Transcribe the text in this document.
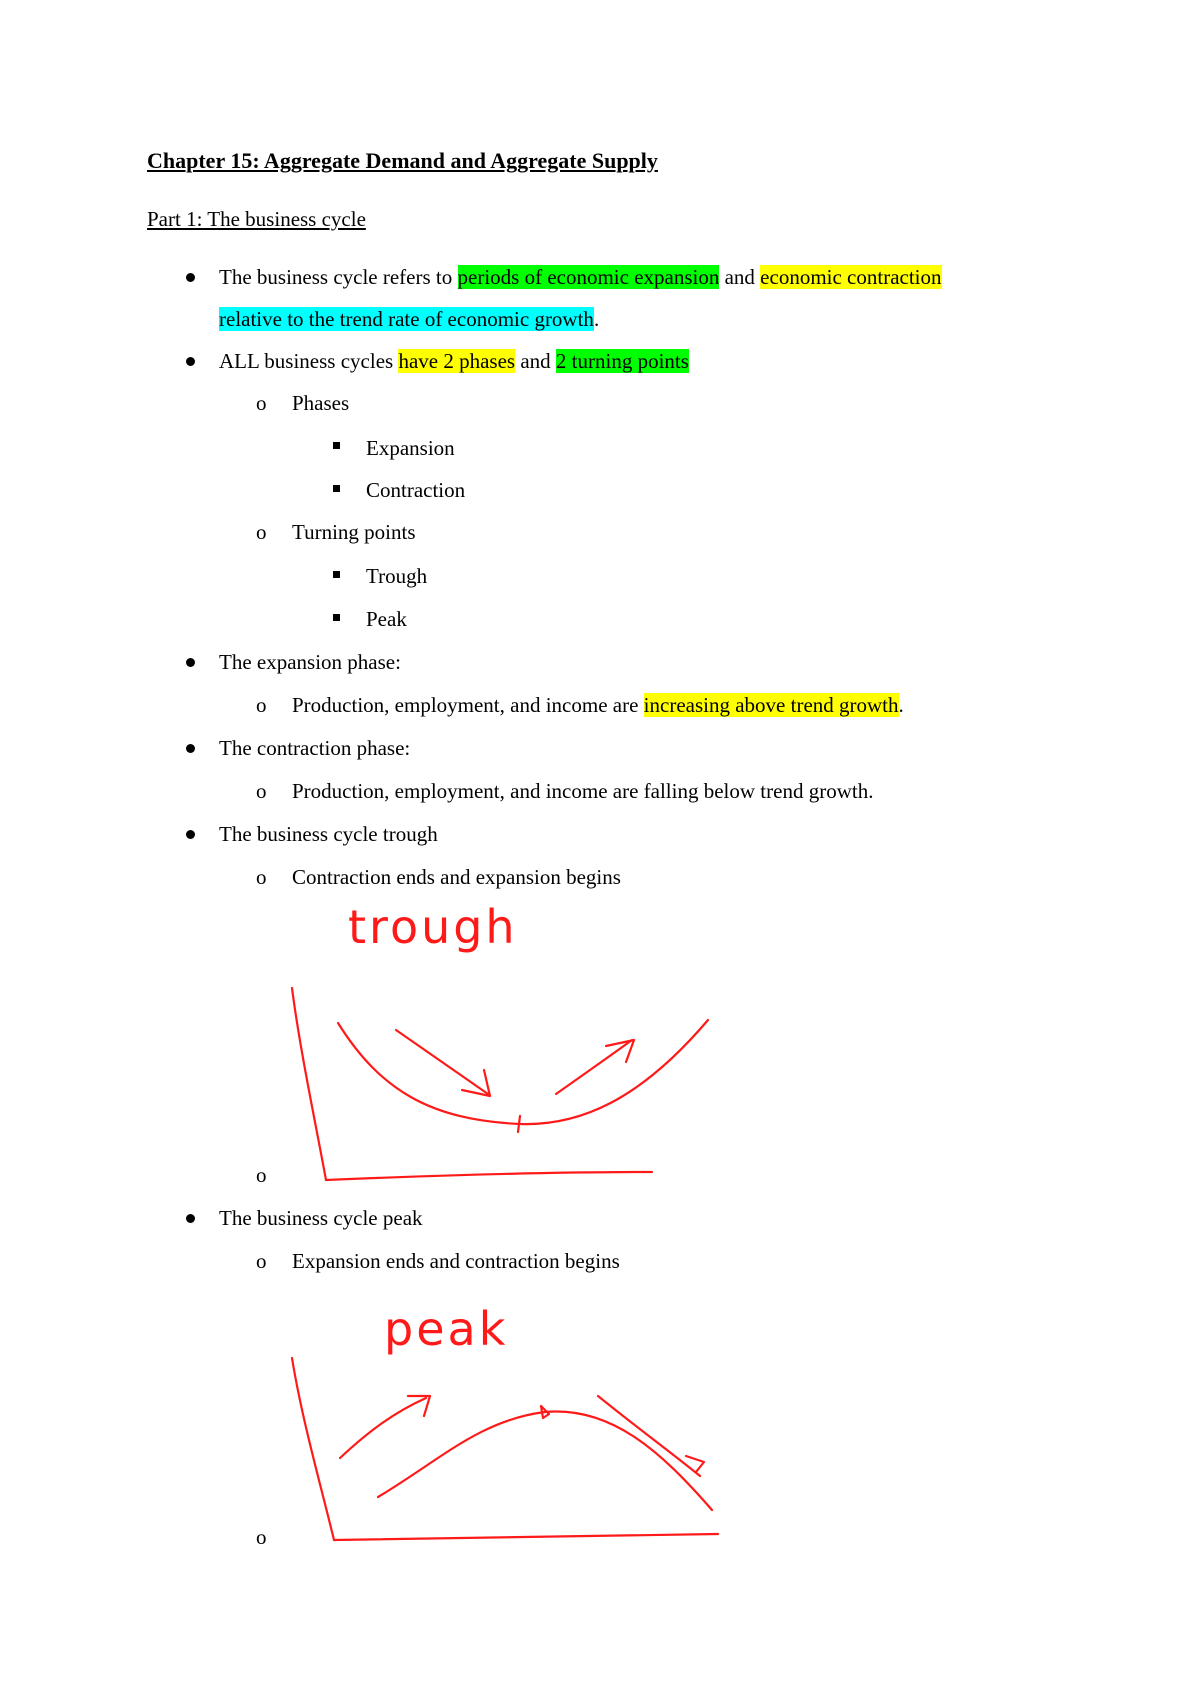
Chapter 15: Aggregate Demand and Aggregate Supply
Part 1: The business cycle
The business cycle refers to periods of economic expansion and economic contraction
relative to the trend rate of economic growth.
ALL business cycles have 2 phases and 2 turning points
o Phases
Expansion
Contraction
o Turning points
Trough
Peak
The expansion phase:
o Production, employment, and income are increasing above trend growth.
The contraction phase:
o Production, employment, and income are falling below trend growth.
The business cycle trough
o Contraction ends and expansion begins
trough
o
The business cycle peak
o Expansion ends and contraction begins
peak
o
